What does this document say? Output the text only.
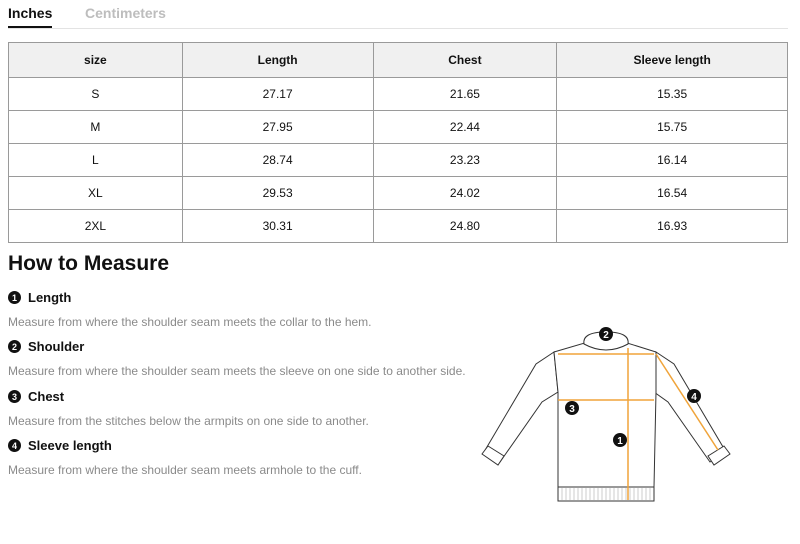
Inches Centimeters
size	Length	Chest	Sleeve length
S	27.17	21.65	15.35
M	27.95	22.44	15.75
L	28.74	23.23	16.14
XL	29.53	24.02	16.54
2XL	30.31	24.80	16.93
How to Measure
1 Length
Measure from where the shoulder seam meets the collar to the hem.
2 Shoulder
Measure from where the shoulder seam meets the sleeve on one side to another side.
3 Chest
Measure from the stitches below the armpits on one side to another.
4 Sleeve length
Measure from where the shoulder seam meets armhole to the cuff.
2
3
1
4
